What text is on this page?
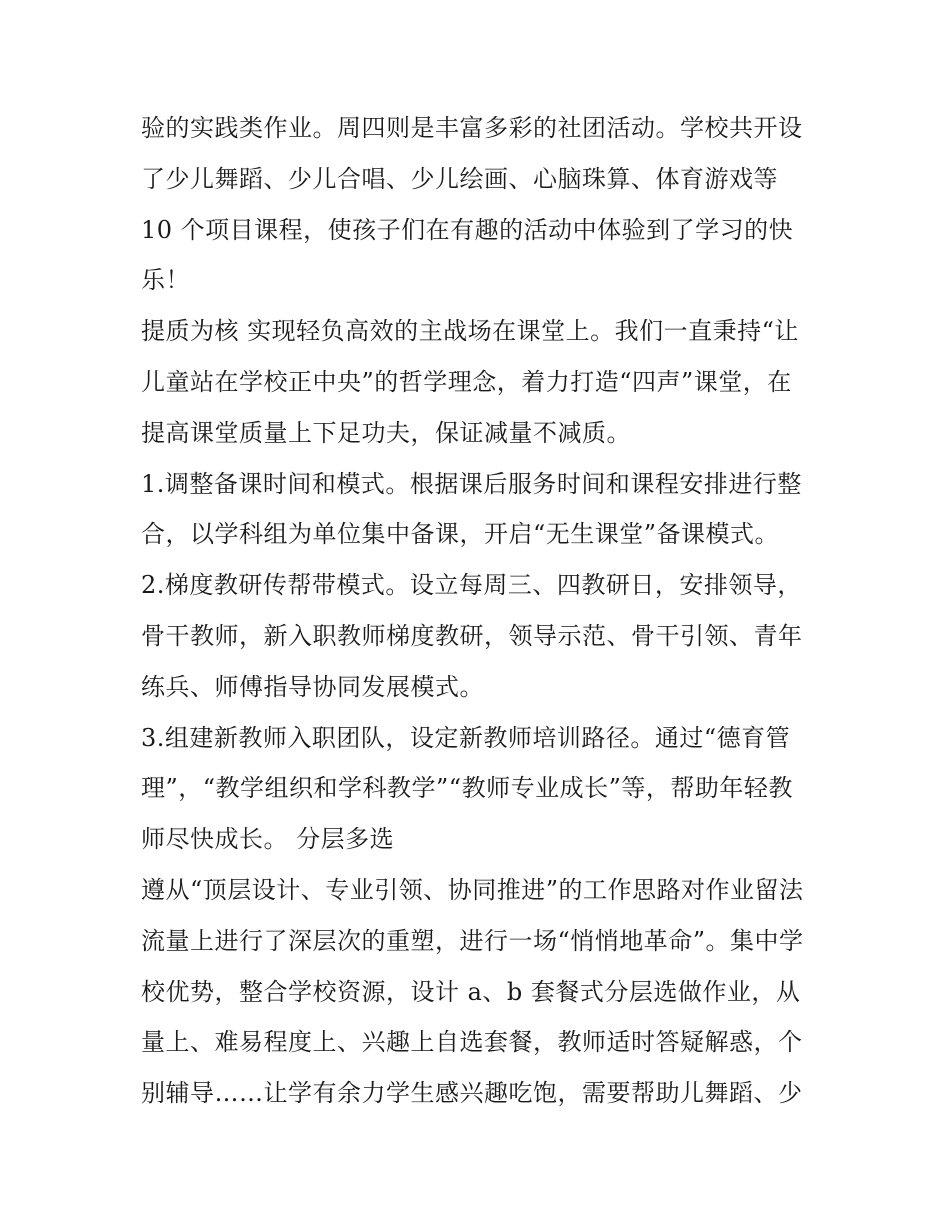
验的实践类作业。周四则是丰富多彩的社团活动。学校共开设
了少儿舞蹈、少儿合唱、少儿绘画、心脑珠算、体育游戏等
10 个项目课程，使孩子们在有趣的活动中体验到了学习的快
乐！
提质为核 实现轻负高效的主战场在课堂上。我们一直秉持“让
儿童站在学校正中央”的哲学理念，着力打造“四声”课堂，在
提高课堂质量上下足功夫，保证减量不减质。
1.调整备课时间和模式。根据课后服务时间和课程安排进行整
合，以学科组为单位集中备课，开启“无生课堂”备课模式。
2.梯度教研传帮带模式。设立每周三、四教研日，安排领导，
骨干教师，新入职教师梯度教研，领导示范、骨干引领、青年
练兵、师傅指导协同发展模式。
3.组建新教师入职团队，设定新教师培训路径。通过“德育管
理”，“教学组织和学科教学”“教师专业成长”等，帮助年轻教
师尽快成长。 分层多选
遵从“顶层设计、专业引领、协同推进”的工作思路对作业留法
流量上进行了深层次的重塑，进行一场“悄悄地革命”。集中学
校优势，整合学校资源，设计 a、b 套餐式分层选做作业，从
量上、难易程度上、兴趣上自选套餐，教师适时答疑解惑，个
别辅导……让学有余力学生感兴趣吃饱，需要帮助儿舞蹈、少
